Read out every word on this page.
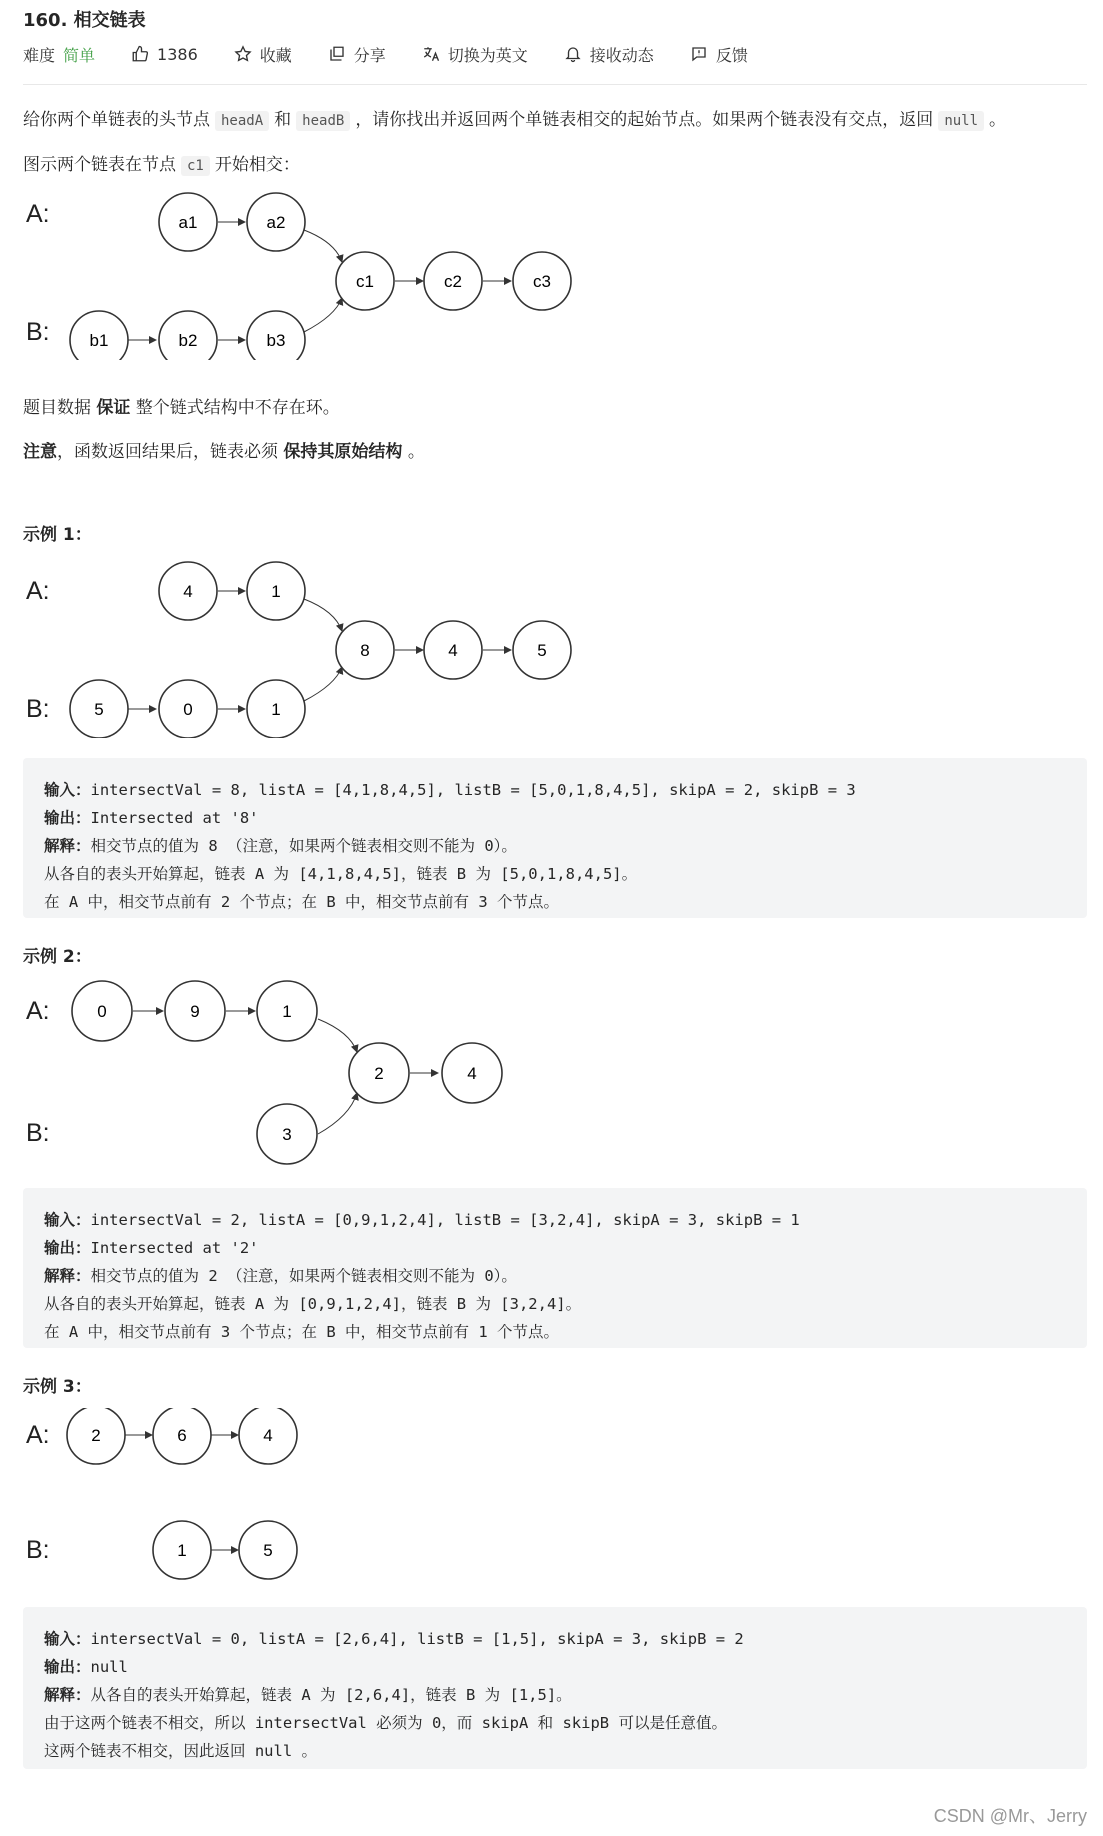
160. 相交链表
难度 简单	1386	收藏	分享	切换为英文	接收动态	反馈
给你两个单链表的头节点 headA 和 headB ，请你找出并返回两个单链表相交的起始节点。如果两个链表没有交点，返回 null 。
图示两个链表在节点 c1 开始相交：
A:
B:
a1	a2
b1	b2	b3
c1	c2	c3
题目数据 保证 整个链式结构中不存在环。
注意，函数返回结果后，链表必须 保持其原始结构 。
示例 1：
A:
B:
4	1
5	0	1
8	4	5
输入：intersectVal = 8, listA = [4,1,8,4,5], listB = [5,0,1,8,4,5], skipA = 2, skipB = 3
输出：Intersected at '8'
解释：相交节点的值为 8 （注意，如果两个链表相交则不能为 0）。
从各自的表头开始算起，链表 A 为 [4,1,8,4,5]，链表 B 为 [5,0,1,8,4,5]。
在 A 中，相交节点前有 2 个节点；在 B 中，相交节点前有 3 个节点。
示例 2：
A:
B:
0	9	1
3
2	4
输入：intersectVal = 2, listA = [0,9,1,2,4], listB = [3,2,4], skipA = 3, skipB = 1
输出：Intersected at '2'
解释：相交节点的值为 2 （注意，如果两个链表相交则不能为 0）。
从各自的表头开始算起，链表 A 为 [0,9,1,2,4]，链表 B 为 [3,2,4]。
在 A 中，相交节点前有 3 个节点；在 B 中，相交节点前有 1 个节点。
示例 3：
A:
B:
2	6	4
1	5
输入：intersectVal = 0, listA = [2,6,4], listB = [1,5], skipA = 3, skipB = 2
输出：null
解释：从各自的表头开始算起，链表 A 为 [2,6,4]，链表 B 为 [1,5]。
由于这两个链表不相交，所以 intersectVal 必须为 0，而 skipA 和 skipB 可以是任意值。
这两个链表不相交，因此返回 null 。
CSDN @Mr、Jerry
